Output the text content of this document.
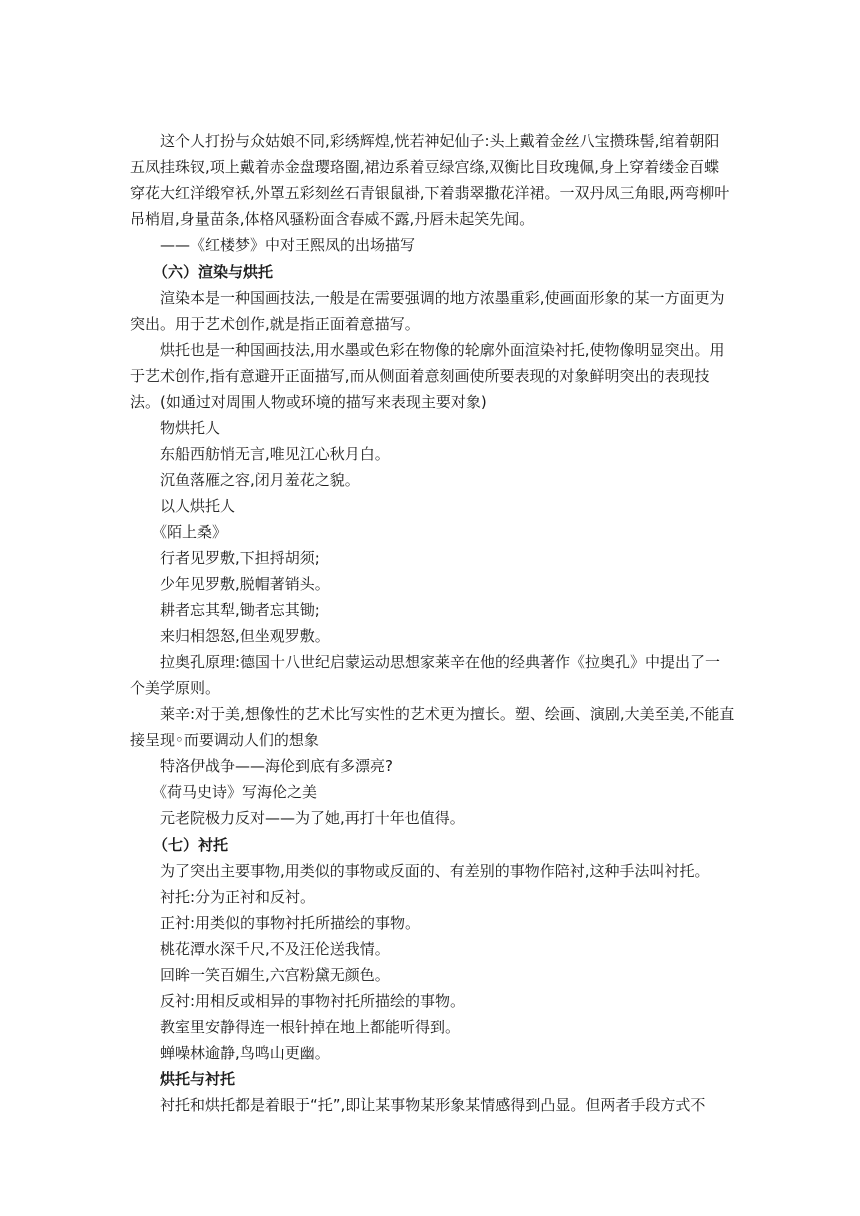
这个人打扮与众姑娘不同,彩绣辉煌,恍若神妃仙子:头上戴着金丝八宝攒珠髻,绾着朝阳
五凤挂珠钗,项上戴着赤金盘璎珞圈,裙边系着豆绿宫绦,双衡比目玫瑰佩,身上穿着缕金百蝶
穿花大红洋缎窄袄,外罩五彩刻丝石青银鼠褂,下着翡翠撒花洋裙。一双丹凤三角眼,两弯柳叶
吊梢眉,身量苗条,体格风骚粉面含春威不露,丹唇未起笑先闻。
——《红楼梦》中对王熙凤的出场描写
（六）渲染与烘托
渲染本是一种国画技法,一般是在需要强调的地方浓墨重彩,使画面形象的某一方面更为
突出。用于艺术创作,就是指正面着意描写。
烘托也是一种国画技法,用水墨或色彩在物像的轮廓外面渲染衬托,使物像明显突出。用
于艺术创作,指有意避开正面描写,而从侧面着意刻画使所要表现的对象鲜明突出的表现技
法。(如通过对周围人物或环境的描写来表现主要对象)
物烘托人
东船西舫悄无言,唯见江心秋月白。
沉鱼落雁之容,闭月羞花之貌。
以人烘托人
《陌上桑》
行者见罗敷,下担捋胡须;
少年见罗敷,脱帽著销头。
耕者忘其犁,锄者忘其锄;
来归相怨怒,但坐观罗敷。
拉奥孔原理:德国十八世纪启蒙运动思想家莱辛在他的经典著作《拉奥孔》中提出了一
个美学原则。
莱辛:对于美,想像性的艺术比写实性的艺术更为擅长。塑、绘画、演剧,大美至美,不能直
接呈现◦而要调动人们的想象
特洛伊战争——海伦到底有多漂亮?
《荷马史诗》写海伦之美
元老院极力反对——为了她,再打十年也值得。
（七）衬托
为了突出主要事物,用类似的事物或反面的、有差别的事物作陪衬,这种手法叫衬托。
衬托:分为正衬和反衬。
正衬:用类似的事物衬托所描绘的事物。
桃花潭水深千尺,不及汪伦送我情。
回眸一笑百媚生,六宫粉黛无颜色。
反衬:用相反或相异的事物衬托所描绘的事物。
教室里安静得连一根针掉在地上都能听得到。
蝉噪林逾静,鸟鸣山更幽。
烘托与衬托
衬托和烘托都是着眼于“托”,即让某事物某形象某情感得到凸显。但两者手段方式不
